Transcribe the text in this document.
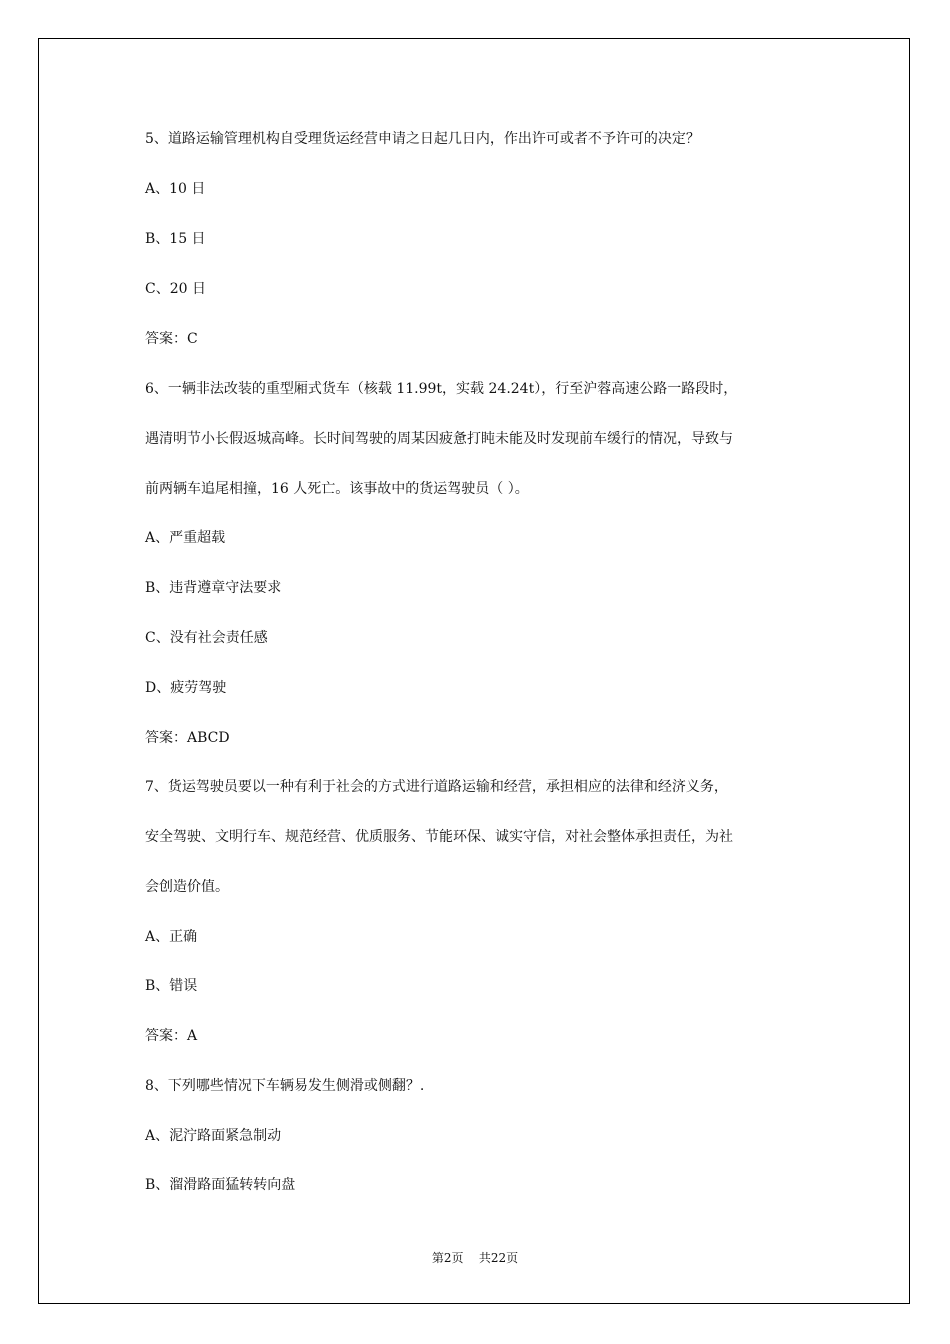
5、道路运输管理机构自受理货运经营申请之日起几日内，作出许可或者不予许可的决定？

A、10 日

B、15 日

C、20 日

答案：C

6、一辆非法改装的重型厢式货车（核载 11.99t，实载 24.24t），行至沪蓉高速公路一路段时，

遇清明节小长假返城高峰。长时间驾驶的周某因疲惫打盹未能及时发现前车缓行的情况，导致与

前两辆车追尾相撞，16 人死亡。该事故中的货运驾驶员（ ）。

A、严重超载

B、违背遵章守法要求

C、没有社会责任感

D、疲劳驾驶

答案：ABCD

7、货运驾驶员要以一种有利于社会的方式进行道路运输和经营，承担相应的法律和经济义务，

安全驾驶、文明行车、规范经营、优质服务、节能环保、诚实守信，对社会整体承担责任，为社

会创造价值。

A、正确

B、错误

答案：A

8、下列哪些情况下车辆易发生侧滑或侧翻？.

A、泥泞路面紧急制动

B、溜滑路面猛转转向盘

第2页 共22页
